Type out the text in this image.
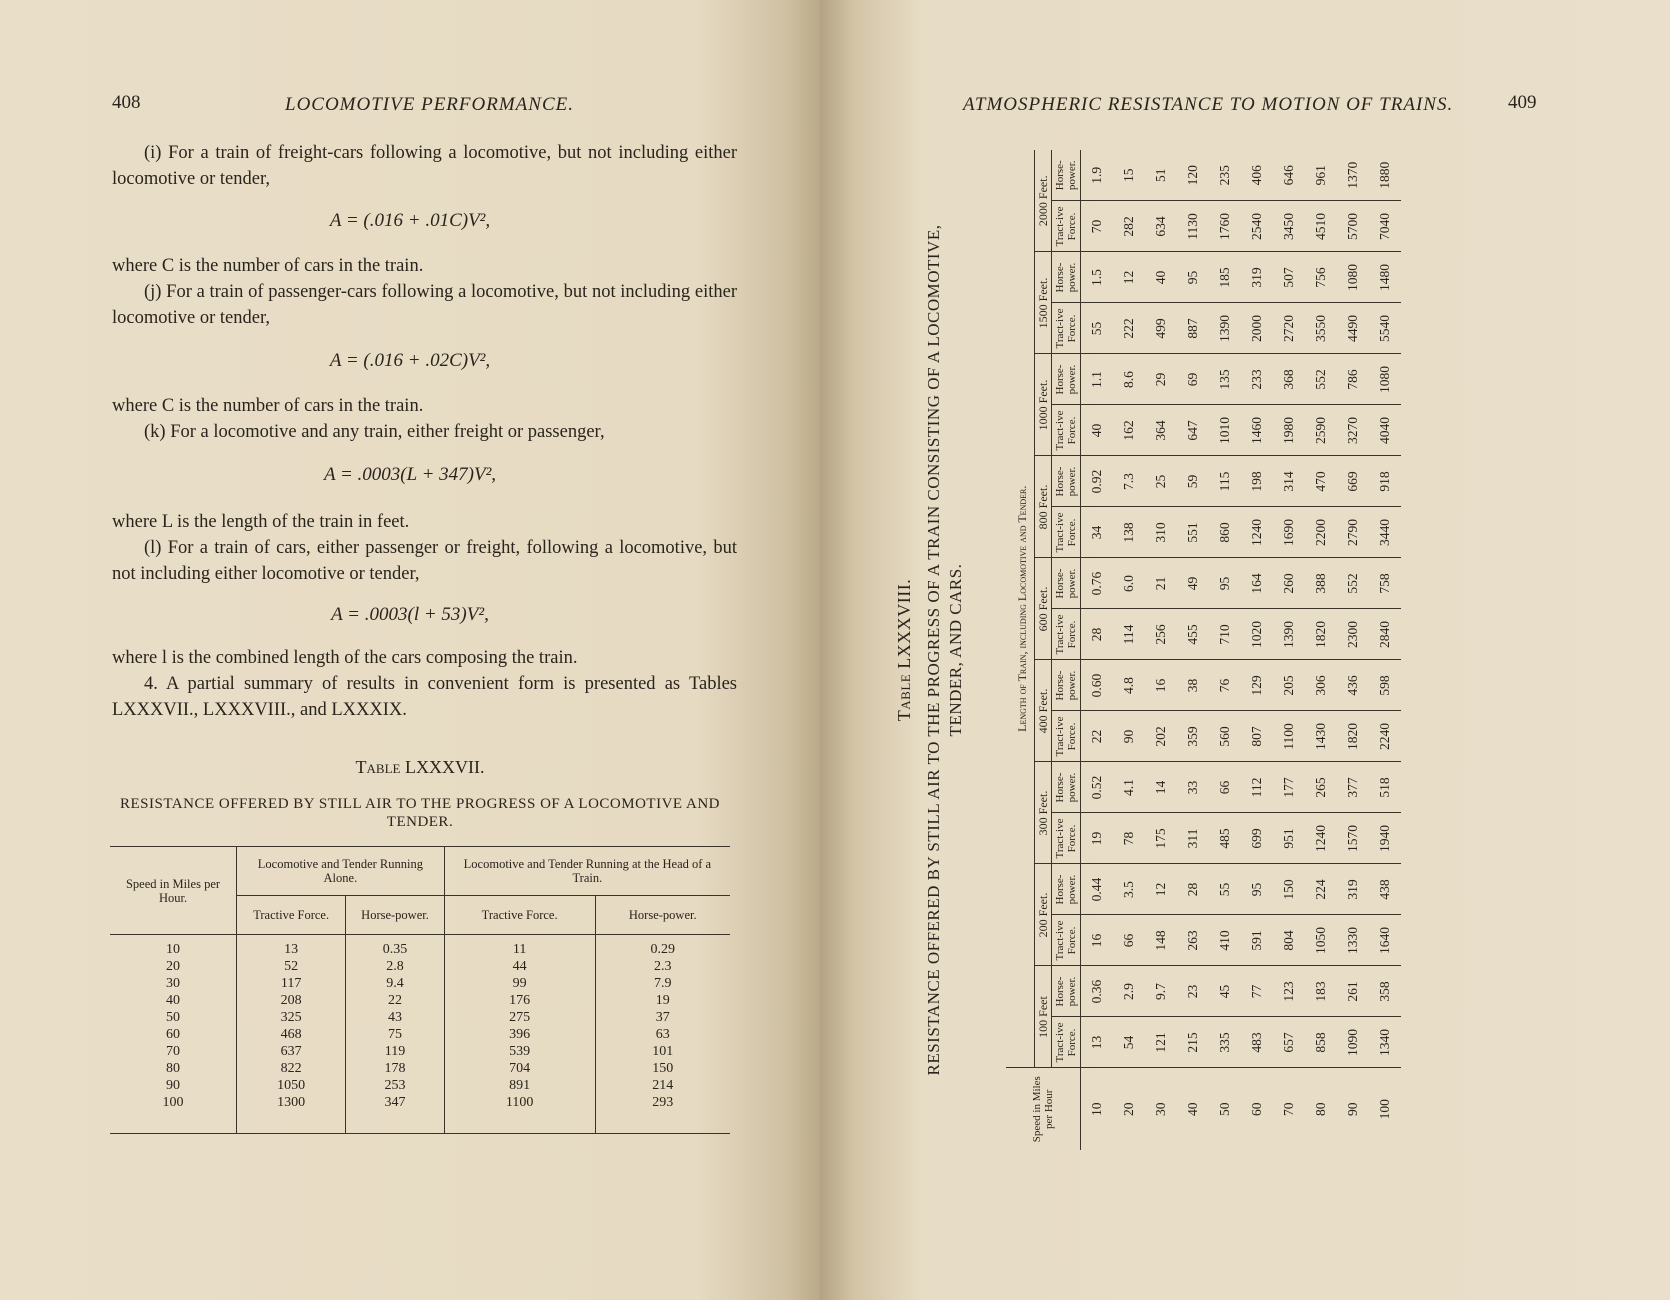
408	LOCOMOTIVE PERFORMANCE.
(i) For a train of freight-cars following a locomotive, but not including either locomotive or tender,
A = (.016 + .01C)V²,
where C is the number of cars in the train.
(j) For a train of passenger-cars following a locomotive, but not including either locomotive or tender,
A = (.016 + .02C)V²,
where C is the number of cars in the train.
(k) For a locomotive and any train, either freight or passenger,
A = .0003(L + 347)V²,
where L is the length of the train in feet.
(l) For a train of cars, either passenger or freight, following a locomotive, but not including either locomotive or tender,
A = .0003(l + 53)V²,
where l is the combined length of the cars composing the train.
4. A partial summary of results in convenient form is presented as Tables LXXXVII., LXXXVIII., and LXXXIX.
Table LXXXVII.
RESISTANCE OFFERED BY STILL AIR TO THE PROGRESS OF A LOCOMOTIVE AND TENDER.
Speed in Miles per Hour.	Locomotive and Tender Running Alone.		Locomotive and Tender Running at the Head of a Train.	
	Tractive Force.	Horse-power.	Tractive Force.	Horse-power.
10	13	0.35	11	0.29
20	52	2.8	44	2.3
30	117	9.4	99	7.9
40	208	22	176	19
50	325	43	275	37
60	468	75	396	63
70	637	119	539	101
80	822	178	704	150
90	1050	253	891	214
100	1300	347	1100	293

ATMOSPHERIC RESISTANCE TO MOTION OF TRAINS.	409
Table LXXXVIII. RESISTANCE OFFERED BY STILL AIR TO THE PROGRESS OF A TRAIN CONSISTING OF A LOCOMOTIVE, TENDER, AND CARS.
Speed in Miles per Hour	Length of Train, including Locomotive and Tender.																	
	100 Feet		200 Feet.		300 Feet.		400 Feet.		600 Feet.		800 Feet.		1000 Feet.		1500 Feet.		2000 Feet.	
	Tract-ive Force.	Horse-power.	Tract-ive Force.	Horse-power.	Tract-ive Force.	Horse-power.	Tract-ive Force.	Horse-power.	Tract-ive Force.	Horse-power.	Tract-ive Force.	Horse-power.	Tract-ive Force.	Horse-power.	Tract-ive Force.	Horse-power.	Tract-ive Force.	Horse-power.
10	13	0.36	16	0.44	19	0.52	22	0.60	28	0.76	34	0.92	40	1.1	55	1.5	70	1.9
20	54	2.9	66	3.5	78	4.1	90	4.8	114	6.0	138	7.3	162	8.6	222	12	282	15
30	121	9.7	148	12	175	14	202	16	256	21	310	25	364	29	499	40	634	51
40	215	23	263	28	311	33	359	38	455	49	551	59	647	69	887	95	1130	120
50	335	45	410	55	485	66	560	76	710	95	860	115	1010	135	1390	185	1760	235
60	483	77	591	95	699	112	807	129	1020	164	1240	198	1460	233	2000	319	2540	406
70	657	123	804	150	951	177	1100	205	1390	260	1690	314	1980	368	2720	507	3450	646
80	858	183	1050	224	1240	265	1430	306	1820	388	2200	470	2590	552	3550	756	4510	961
90	1090	261	1330	319	1570	377	1820	436	2300	552	2790	669	3270	786	4490	1080	5700	1370
100	1340	358	1640	438	1940	518	2240	598	2840	758	3440	918	4040	1080	5540	1480	7040	1880
